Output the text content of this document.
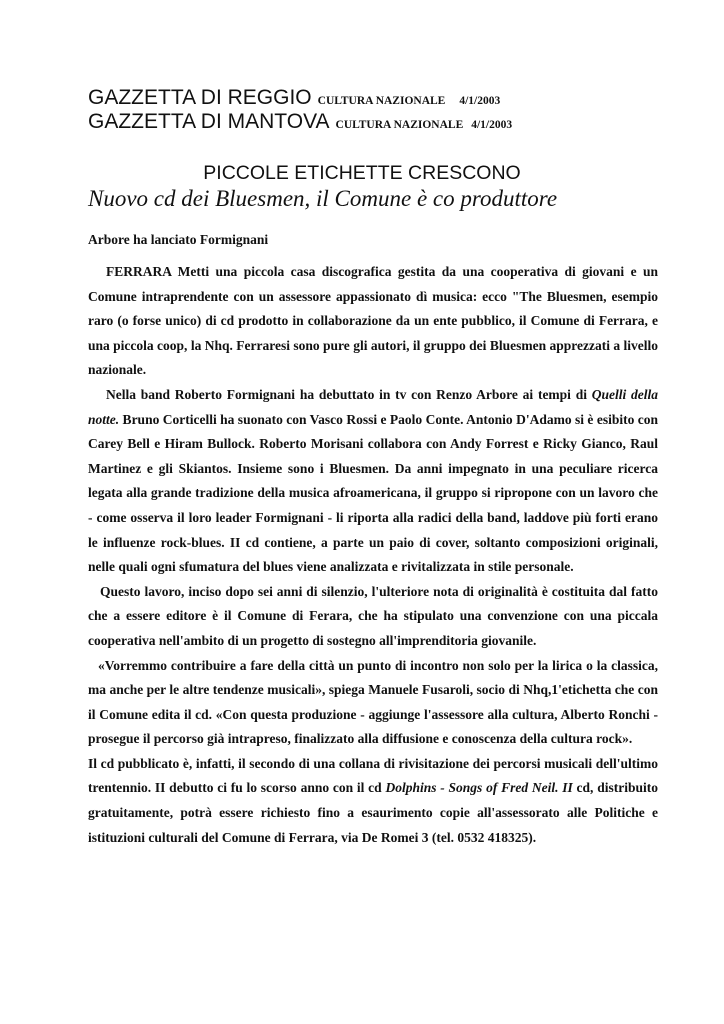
GAZZETTA DI REGGIO CULTURA NAZIONALE 4/1/2003
GAZZETTA DI MANTOVA CULTURA NAZIONALE 4/1/2003
PICCOLE ETICHETTE CRESCONO
Nuovo cd dei Bluesmen, il Comune è co produttore
Arbore ha lanciato Formignani

FERRARA Metti una piccola casa discografica gestita da una cooperativa di giovani e un Comune intraprendente con un assessore appassionato dì musica: ecco "The Bluesmen, esempio raro (o forse unico) di cd prodotto in collaborazione da un ente pubblico, il Comune di Ferrara, e una piccola coop, la Nhq. Ferraresi sono pure gli autori, il gruppo dei Bluesmen apprezzati a livello nazionale.

Nella band Roberto Formignani ha debuttato in tv con Renzo Arbore ai tempi di Quelli della notte. Bruno Corticelli ha suonato con Vasco Rossi e Paolo Conte. Antonio D'Adamo si è esibito con Carey Bell e Hiram Bullock. Roberto Morisani collabora con Andy Forrest e Ricky Gianco, Raul Martinez e gli Skiantos. Insieme sono i Bluesmen. Da anni impegnato in una peculiare ricerca legata alla grande tradizione della musica afroamericana, il gruppo si ripropone con un lavoro che - come osserva il loro leader Formignani - li riporta alla radici della band, laddove più forti erano le influenze rock-blues. II cd contiene, a parte un paio di cover, soltanto composizioni originali, nelle quali ogni sfumatura del blues viene analizzata e rivitalizzata in stile personale.

Questo lavoro, inciso dopo sei anni di silenzio, l'ulteriore nota di originalità è costituita dal fatto che a essere editore è il Comune di Ferara, che ha stipulato una convenzione con una piccala cooperativa nell'ambito di un progetto di sostegno all'imprenditoria giovanile.

«Vorremmo contribuire a fare della città un punto di incontro non solo per la lirica o la classica, ma anche per le altre tendenze musicali», spiega Manuele Fusaroli, socio di Nhq,1'etichetta che con il Comune edita il cd. «Con questa produzione - aggiunge l'assessore alla cultura, Alberto Ronchi - prosegue il percorso già intrapreso, finalizzato alla diffusione e conoscenza della cultura rock».

Il cd pubblicato è, infatti, il secondo di una collana di rivisitazione dei percorsi musicali dell'ultimo trentennio. II debutto ci fu lo scorso anno con il cd Dolphins - Songs of Fred Neil. II cd, distribuito gratuitamente, potrà essere richiesto fino a esaurimento copie all'assessorato alle Politiche e istituzioni culturali del Comune di Ferrara, via De Romei 3 (tel. 0532 418325).
